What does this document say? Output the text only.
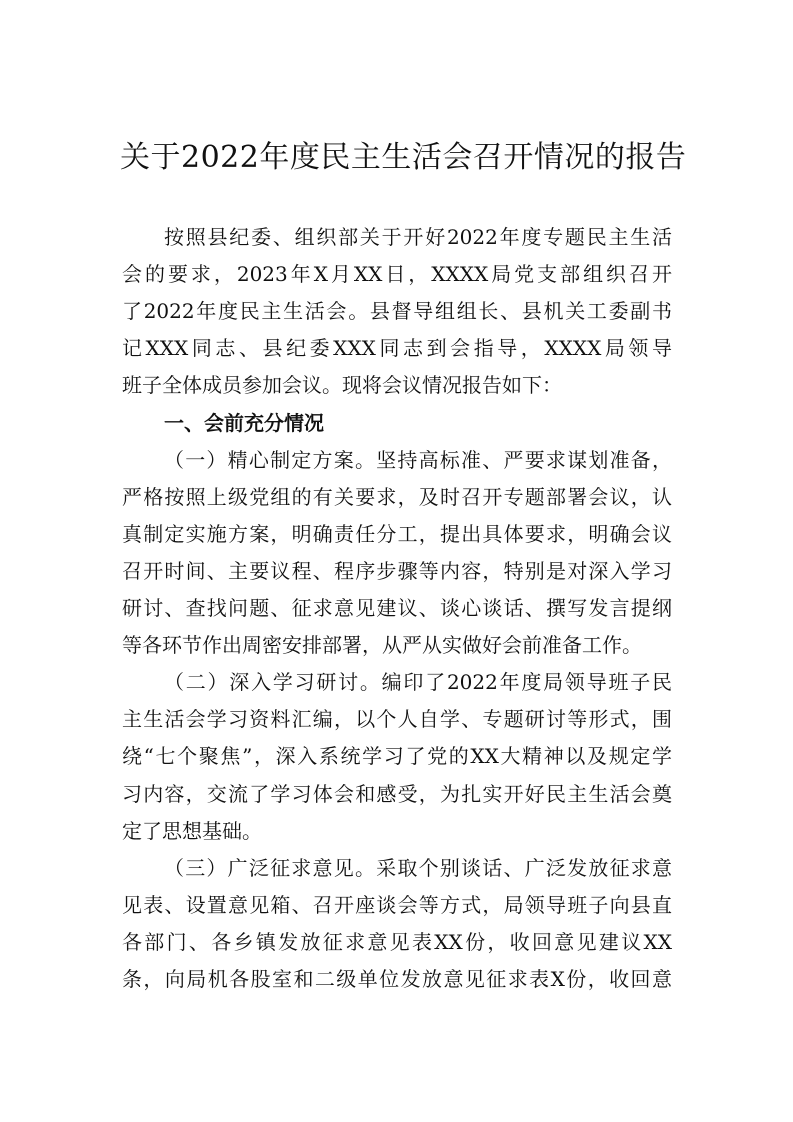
关于2022年度民主生活会召开情况的报告
按照县纪委、组织部关于开好2022年度专题民主生活
会的要求，2023年X月XX日，XXXX局党支部组织召开
了2022年度民主生活会。县督导组组长、县机关工委副书
记XXX同志、县纪委XXX同志到会指导，XXXX局领导
班子全体成员参加会议。现将会议情况报告如下：
一、会前充分情况
（一）精心制定方案。坚持高标准、严要求谋划准备，
严格按照上级党组的有关要求，及时召开专题部署会议，认
真制定实施方案，明确责任分工，提出具体要求，明确会议
召开时间、主要议程、程序步骤等内容，特别是对深入学习
研讨、查找问题、征求意见建议、谈心谈话、撰写发言提纲
等各环节作出周密安排部署，从严从实做好会前准备工作。
（二）深入学习研讨。编印了2022年度局领导班子民
主生活会学习资料汇编，以个人自学、专题研讨等形式，围
绕“七个聚焦”，深入系统学习了党的XX大精神以及规定学
习内容，交流了学习体会和感受，为扎实开好民主生活会奠
定了思想基础。
（三）广泛征求意见。采取个别谈话、广泛发放征求意
见表、设置意见箱、召开座谈会等方式，局领导班子向县直
各部门、各乡镇发放征求意见表XX份，收回意见建议XX
条，向局机各股室和二级单位发放意见征求表X份，收回意
